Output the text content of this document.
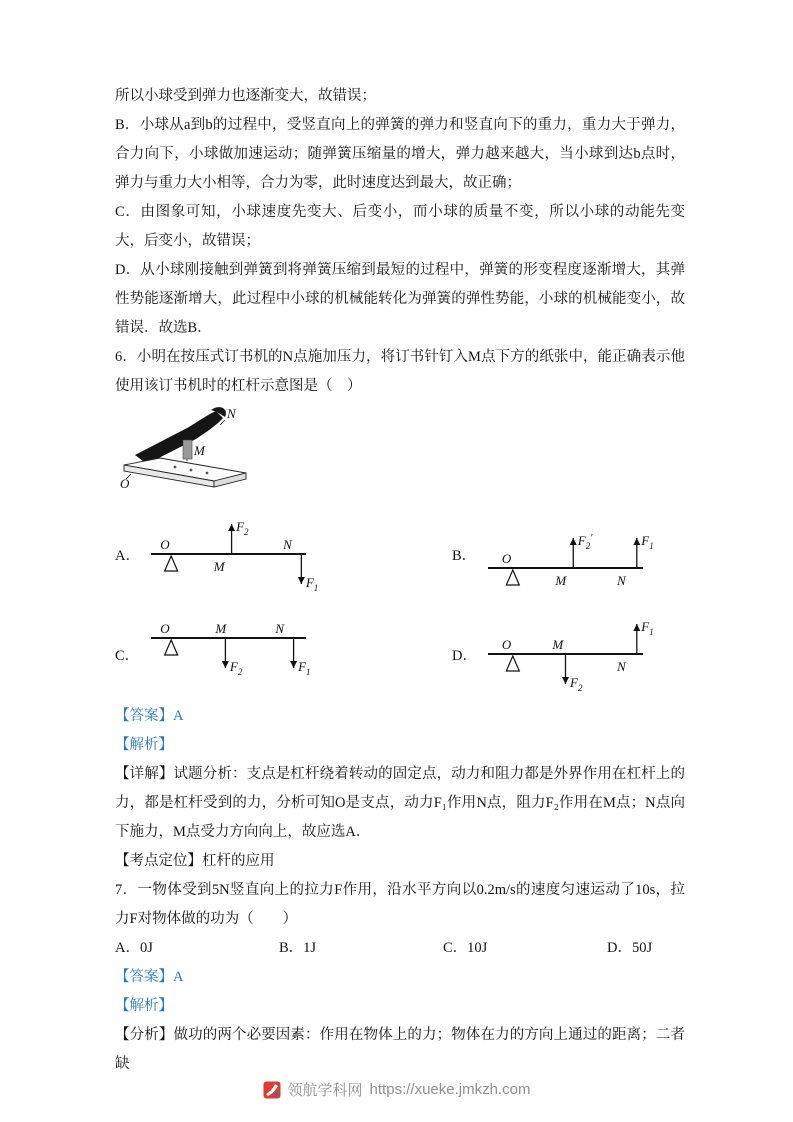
所以小球受到弹力也逐渐变大，故错误；

B．小球从a到b的过程中，受竖直向上的弹簧的弹力和竖直向下的重力，重力大于弹力，合力向下，小球做加速运动；随弹簧压缩量的增大，弹力越来越大，当小球到达b点时，弹力与重力大小相等，合力为零，此时速度达到最大，故正确；

C．由图象可知，小球速度先变大、后变小，而小球的质量不变，所以小球的动能先变大，后变小，故错误；

D．从小球刚接触到弹簧到将弹簧压缩到最短的过程中，弹簧的形变程度逐渐增大，其弹性势能逐渐增大，此过程中小球的机械能转化为弹簧的弹性势能，小球的机械能变小，故错误．故选B．

6．小明在按压式订书机的N点施加压力，将订书针钉入M点下方的纸张中，能正确表示他使用该订书机时的杠杆示意图是（　）

N
M
O
A．
O
M
N
$F_2$
$F_1$
B． O
M	N
$F_2'$	$F_1$
C．
O	M	N
$F_2$	$F_1$
D．
O	M
N
$F_2$
$F_1$

【答案】A

【解析】

【详解】试题分析：支点是杠杆绕着转动的固定点，动力和阻力都是外界作用在杠杆上的力，都是杠杆受到的力，分析可知O是支点，动力F₁作用N点，阻力F₂作用在M点；N点向下施力，M点受力方向向上，故应选A．

【考点定位】杠杆的应用

7．一物体受到5N竖直向上的拉力F作用，沿水平方向以0.2m/s的速度匀速运动了10s，拉力F对物体做的功为（　　）

A．0J	B．1J	C．10J	D．50J

【答案】A

【解析】

【分析】做功的两个必要因素：作用在物体上的力；物体在力的方向上通过的距离；二者缺

领航学科网 https://xueke.jmkzh.com
